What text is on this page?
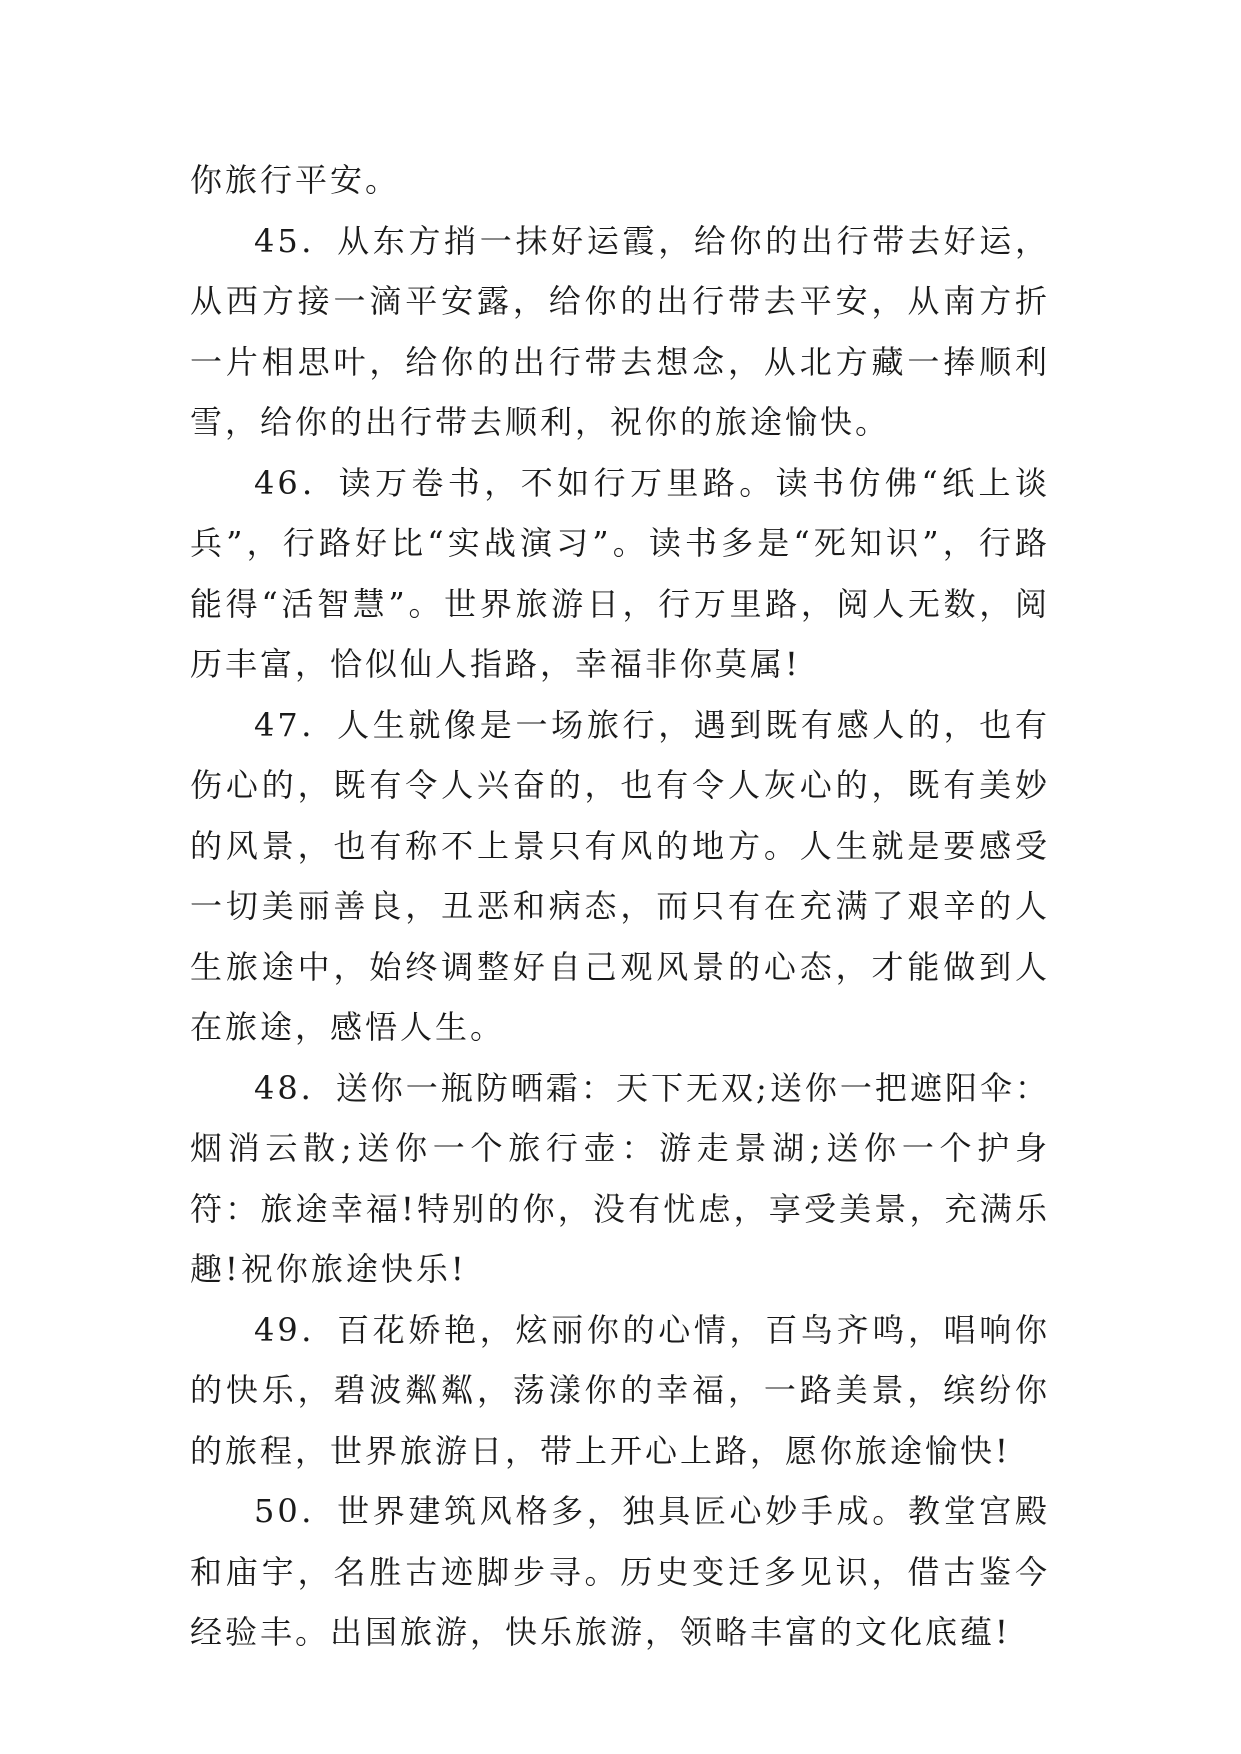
你旅行平安。

45．从东方捎一抹好运霞，给你的出行带去好运，从西方接一滴平安露，给你的出行带去平安，从南方折一片相思叶，给你的出行带去想念，从北方藏一捧顺利雪，给你的出行带去顺利，祝你的旅途愉快。

46．读万卷书，不如行万里路。读书仿佛“纸上谈兵”，行路好比“实战演习”。读书多是“死知识”，行路能得“活智慧”。世界旅游日，行万里路，阅人无数，阅历丰富，恰似仙人指路，幸福非你莫属!

47．人生就像是一场旅行，遇到既有感人的，也有伤心的，既有令人兴奋的，也有令人灰心的，既有美妙的风景，也有称不上景只有风的地方。人生就是要感受一切美丽善良，丑恶和病态，而只有在充满了艰辛的人生旅途中，始终调整好自己观风景的心态，才能做到人在旅途，感悟人生。

48．送你一瓶防晒霜：天下无双;送你一把遮阳伞：烟消云散;送你一个旅行壶：游走景湖;送你一个护身符：旅途幸福!特别的你，没有忧虑，享受美景，充满乐趣!祝你旅途快乐!

49．百花娇艳，炫丽你的心情，百鸟齐鸣，唱响你的快乐，碧波粼粼，荡漾你的幸福，一路美景，缤纷你的旅程，世界旅游日，带上开心上路，愿你旅途愉快!

50．世界建筑风格多，独具匠心妙手成。教堂宫殿和庙宇，名胜古迹脚步寻。历史变迁多见识，借古鉴今经验丰。出国旅游，快乐旅游，领略丰富的文化底蕴!
